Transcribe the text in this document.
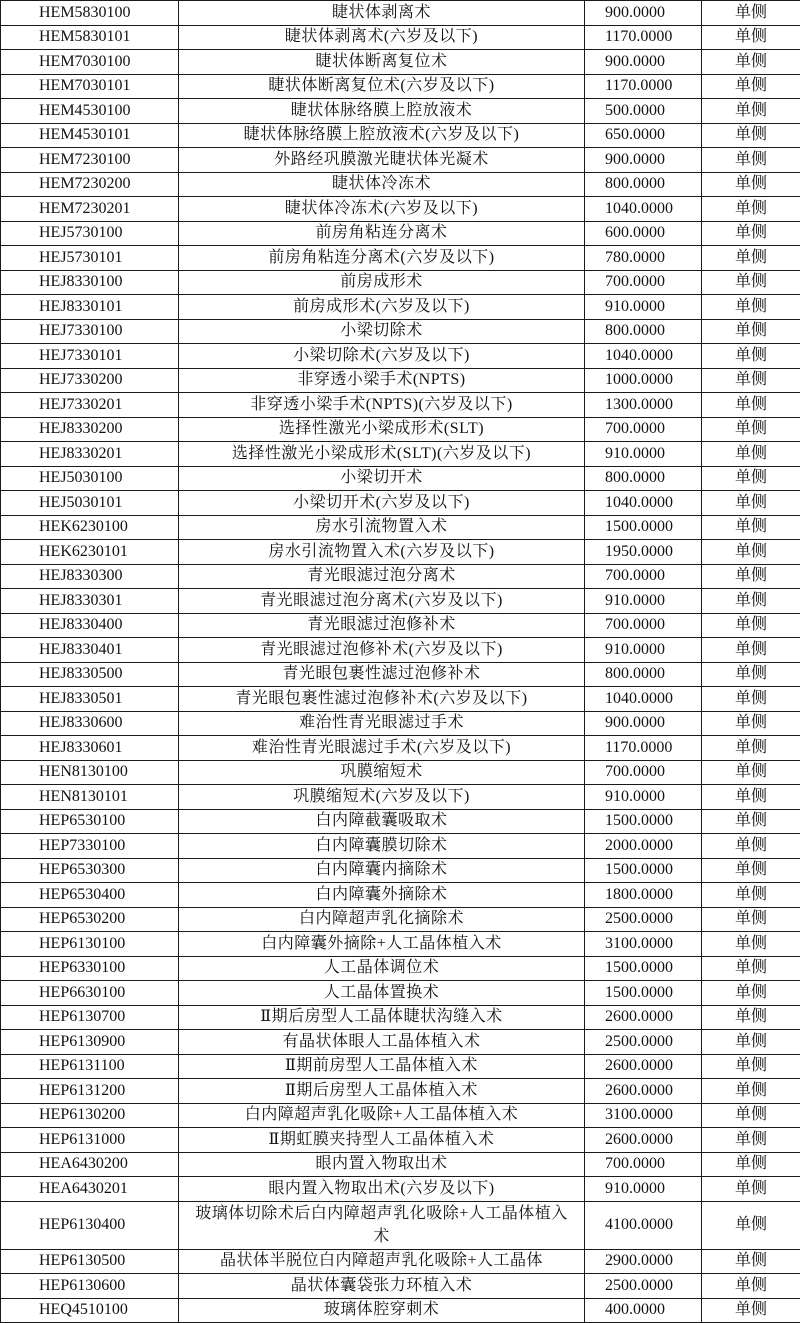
HEM5830100	睫状体剥离术	900.0000	单侧
HEM5830101	睫状体剥离术(六岁及以下)	1170.0000	单侧
HEM7030100	睫状体断离复位术	900.0000	单侧
HEM7030101	睫状体断离复位术(六岁及以下)	1170.0000	单侧
HEM4530100	睫状体脉络膜上腔放液术	500.0000	单侧
HEM4530101	睫状体脉络膜上腔放液术(六岁及以下)	650.0000	单侧
HEM7230100	外路经巩膜激光睫状体光凝术	900.0000	单侧
HEM7230200	睫状体冷冻术	800.0000	单侧
HEM7230201	睫状体冷冻术(六岁及以下)	1040.0000	单侧
HEJ5730100	前房角粘连分离术	600.0000	单侧
HEJ5730101	前房角粘连分离术(六岁及以下)	780.0000	单侧
HEJ8330100	前房成形术	700.0000	单侧
HEJ8330101	前房成形术(六岁及以下)	910.0000	单侧
HEJ7330100	小梁切除术	800.0000	单侧
HEJ7330101	小梁切除术(六岁及以下)	1040.0000	单侧
HEJ7330200	非穿透小梁手术(NPTS)	1000.0000	单侧
HEJ7330201	非穿透小梁手术(NPTS)(六岁及以下)	1300.0000	单侧
HEJ8330200	选择性激光小梁成形术(SLT)	700.0000	单侧
HEJ8330201	选择性激光小梁成形术(SLT)(六岁及以下)	910.0000	单侧
HEJ5030100	小梁切开术	800.0000	单侧
HEJ5030101	小梁切开术(六岁及以下)	1040.0000	单侧
HEK6230100	房水引流物置入术	1500.0000	单侧
HEK6230101	房水引流物置入术(六岁及以下)	1950.0000	单侧
HEJ8330300	青光眼滤过泡分离术	700.0000	单侧
HEJ8330301	青光眼滤过泡分离术(六岁及以下)	910.0000	单侧
HEJ8330400	青光眼滤过泡修补术	700.0000	单侧
HEJ8330401	青光眼滤过泡修补术(六岁及以下)	910.0000	单侧
HEJ8330500	青光眼包裹性滤过泡修补术	800.0000	单侧
HEJ8330501	青光眼包裹性滤过泡修补术(六岁及以下)	1040.0000	单侧
HEJ8330600	难治性青光眼滤过手术	900.0000	单侧
HEJ8330601	难治性青光眼滤过手术(六岁及以下)	1170.0000	单侧
HEN8130100	巩膜缩短术	700.0000	单侧
HEN8130101	巩膜缩短术(六岁及以下)	910.0000	单侧
HEP6530100	白内障截囊吸取术	1500.0000	单侧
HEP7330100	白内障囊膜切除术	2000.0000	单侧
HEP6530300	白内障囊内摘除术	1500.0000	单侧
HEP6530400	白内障囊外摘除术	1800.0000	单侧
HEP6530200	白内障超声乳化摘除术	2500.0000	单侧
HEP6130100	白内障囊外摘除+人工晶体植入术	3100.0000	单侧
HEP6330100	人工晶体调位术	1500.0000	单侧
HEP6630100	人工晶体置换术	1500.0000	单侧
HEP6130700	Ⅱ期后房型人工晶体睫状沟缝入术	2600.0000	单侧
HEP6130900	有晶状体眼人工晶体植入术	2500.0000	单侧
HEP6131100	Ⅱ期前房型人工晶体植入术	2600.0000	单侧
HEP6131200	Ⅱ期后房型人工晶体植入术	2600.0000	单侧
HEP6130200	白内障超声乳化吸除+人工晶体植入术	3100.0000	单侧
HEP6131000	Ⅱ期虹膜夹持型人工晶体植入术	2600.0000	单侧
HEA6430200	眼内置入物取出术	700.0000	单侧
HEA6430201	眼内置入物取出术(六岁及以下)	910.0000	单侧
HEP6130400	玻璃体切除术后白内障超声乳化吸除+人工晶体植入术	4100.0000	单侧
HEP6130500	晶状体半脱位白内障超声乳化吸除+人工晶体	2900.0000	单侧
HEP6130600	晶状体囊袋张力环植入术	2500.0000	单侧
HEQ4510100	玻璃体腔穿刺术	400.0000	单侧
